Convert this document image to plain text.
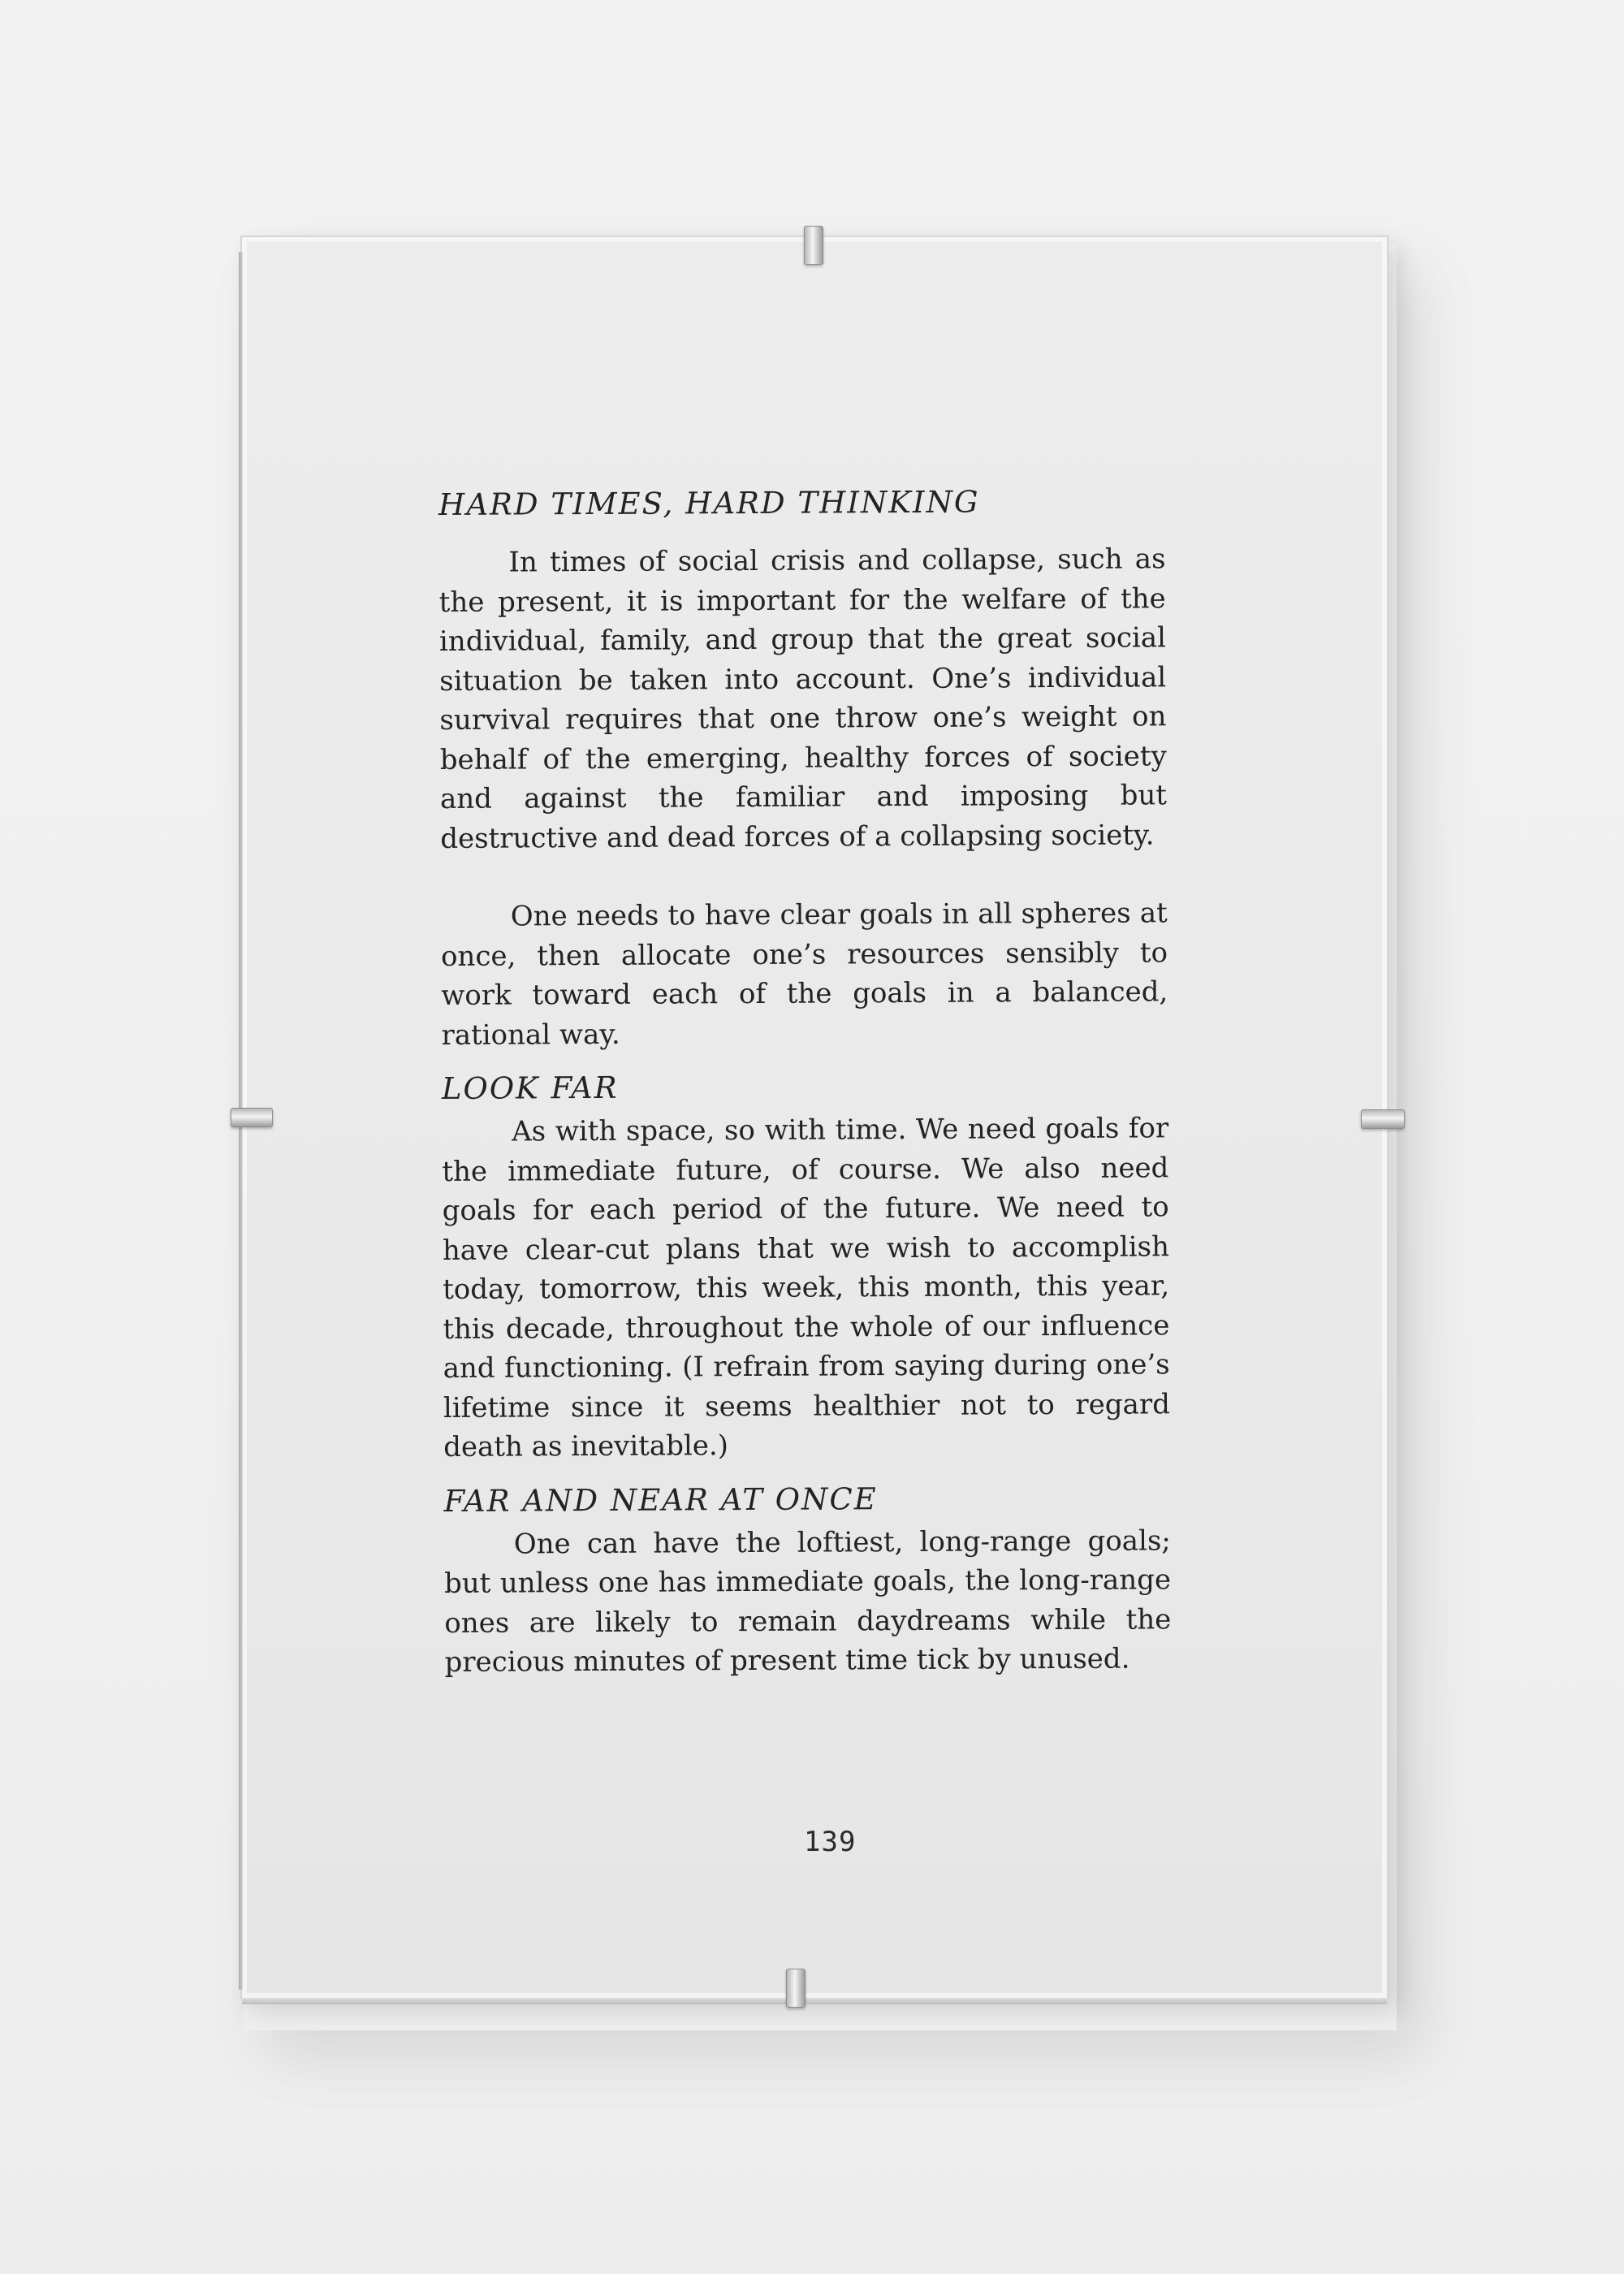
HARD TIMES, HARD THINKING

In times of social crisis and collapse, such as the present, it is important for the welfare of the individual, family, and group that the great social situation be taken into account. One’s individual survival requires that one throw one’s weight on behalf of the emerging, healthy forces of society and against the familiar and imposing but destructive and dead forces of a collapsing society.

One needs to have clear goals in all spheres at once, then allocate one’s resources sensibly to work toward each of the goals in a balanced, rational way.

LOOK FAR

As with space, so with time. We need goals for the immediate future, of course. We also need goals for each period of the future. We need to have clear-cut plans that we wish to accomplish today, tomorrow, this week, this month, this year, this decade, throughout the whole of our influence and functioning. (I refrain from saying during one’s lifetime since it seems healthier not to regard death as inevitable.)

FAR AND NEAR AT ONCE

One can have the loftiest, long-range goals; but unless one has immediate goals, the long-range ones are likely to remain daydreams while the precious minutes of present time tick by unused.

139
